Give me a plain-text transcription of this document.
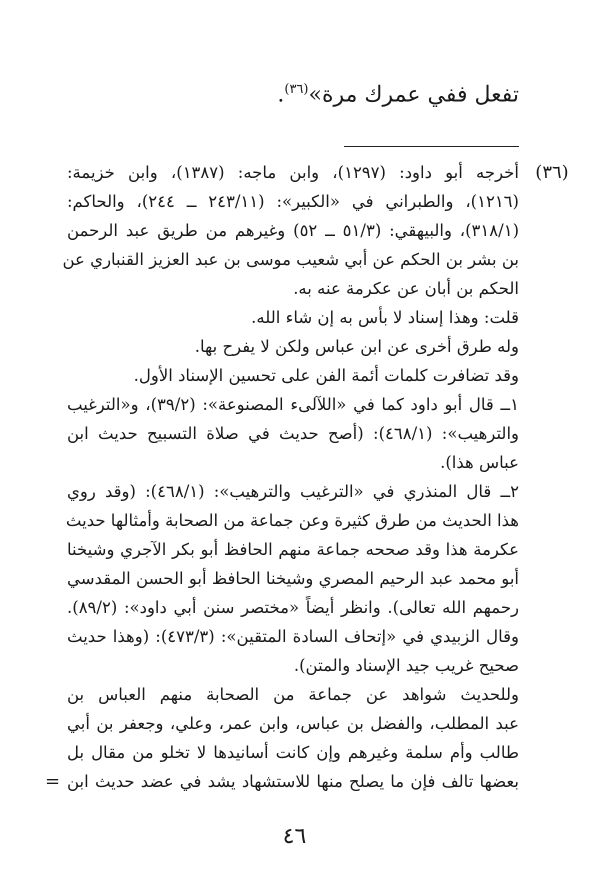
تفعل ففي عمرك مرة»$^{(٣٦)}$.
(٣٦)
أخرجه أبو داود: (١٢٩٧)، وابن ماجه: (١٣٨٧)، وابن خزيمة:
(١٢١٦)، والطبراني في «الكبير»: (٢٤٣/١١ ــ ٢٤٤)، والحاكم:
(٣١٨/١)، والبيهقي: (٥١/٣ ــ ٥٢) وغيرهم من طريق عبد الرحمن
بن بشر بن الحكم عن أبي شعيب موسى بن عبد العزيز القنباري عن
الحكم بن أبان عن عكرمة عنه به.
قلت: وهذا إسناد لا بأس به إن شاء الله.
وله طرق أخرى عن ابن عباس ولكن لا يفرح بها.
وقد تضافرت كلمات أئمة الفن على تحسين الإسناد الأول.
١ــ قال أبو داود كما في «اللآلىء المصنوعة»: (٣٩/٢)، و«الترغيب
والترهيب»: (٤٦٨/١): (أصح حديث في صلاة التسبيح حديث ابن
عباس هذا).
٢ــ قال المنذري في «الترغيب والترهيب»: (٤٦٨/١): (وقد روي
هذا الحديث من طرق كثيرة وعن جماعة من الصحابة وأمثالها حديث
عكرمة هذا وقد صححه جماعة منهم الحافظ أبو بكر الآجري وشيخنا
أبو محمد عبد الرحيم المصري وشيخنا الحافظ أبو الحسن المقدسي
رحمهم الله تعالى). وانظر أيضاً «مختصر سنن أبي داود»: (٨٩/٢).
وقال الزبيدي في «إتحاف السادة المتقين»: (٤٧٣/٣): (وهذا حديث
صحيح غريب جيد الإسناد والمتن).
وللحديث شواهد عن جماعة من الصحابة منهم العباس بن
عبد المطلب، والفضل بن عباس، وابن عمر، وعلي، وجعفر بن أبي
طالب وأم سلمة وغيرهم وإن كانت أسانيدها لا تخلو من مقال بل
بعضها تالف فإن ما يصلح منها للاستشهاد يشد في عضد حديث ابن
=
٤٦
